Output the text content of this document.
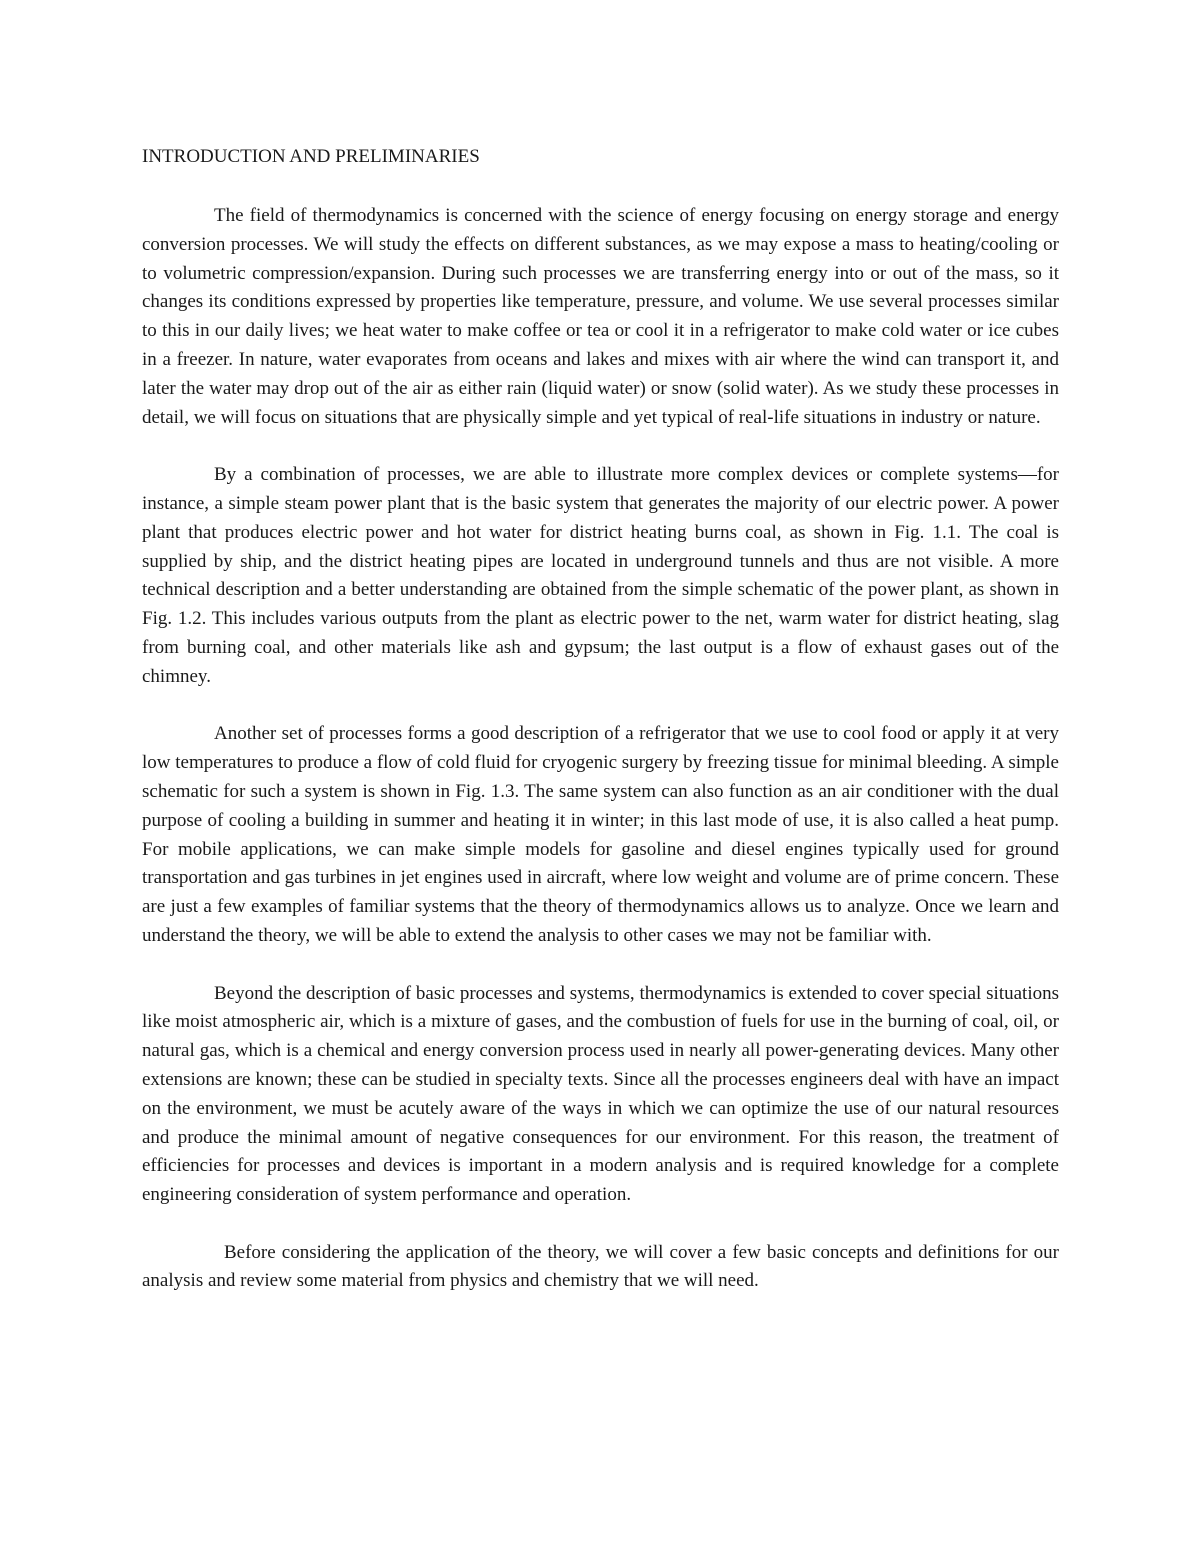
INTRODUCTION AND PRELIMINARIES

The field of thermodynamics is concerned with the science of energy focusing on energy storage and energy conversion processes. We will study the effects on different substances, as we may expose a mass to heating/cooling or to volumetric compression/expansion. During such processes we are transferring energy into or out of the mass, so it changes its conditions expressed by properties like temperature, pressure, and volume. We use several processes similar to this in our daily lives; we heat water to make coffee or tea or cool it in a refrigerator to make cold water or ice cubes in a freezer. In nature, water evaporates from oceans and lakes and mixes with air where the wind can transport it, and later the water may drop out of the air as either rain (liquid water) or snow (solid water). As we study these processes in detail, we will focus on situations that are physically simple and yet typical of real-life situations in industry or nature.

By a combination of processes, we are able to illustrate more complex devices or complete systems—for instance, a simple steam power plant that is the basic system that generates the majority of our electric power. A power plant that produces electric power and hot water for district heating burns coal, as shown in Fig. 1.1. The coal is supplied by ship, and the district heating pipes are located in underground tunnels and thus are not visible. A more technical description and a better understanding are obtained from the simple schematic of the power plant, as shown in Fig. 1.2. This includes various outputs from the plant as electric power to the net, warm water for district heating, slag from burning coal, and other materials like ash and gypsum; the last output is a flow of exhaust gases out of the chimney.

Another set of processes forms a good description of a refrigerator that we use to cool food or apply it at very low temperatures to produce a flow of cold fluid for cryogenic surgery by freezing tissue for minimal bleeding. A simple schematic for such a system is shown in Fig. 1.3. The same system can also function as an air conditioner with the dual purpose of cooling a building in summer and heating it in winter; in this last mode of use, it is also called a heat pump. For mobile applications, we can make simple models for gasoline and diesel engines typically used for ground transportation and gas turbines in jet engines used in aircraft, where low weight and volume are of prime concern. These are just a few examples of familiar systems that the theory of thermodynamics allows us to analyze. Once we learn and understand the theory, we will be able to extend the analysis to other cases we may not be familiar with.

Beyond the description of basic processes and systems, thermodynamics is extended to cover special situations like moist atmospheric air, which is a mixture of gases, and the combustion of fuels for use in the burning of coal, oil, or natural gas, which is a chemical and energy conversion process used in nearly all power-generating devices. Many other extensions are known; these can be studied in specialty texts. Since all the processes engineers deal with have an impact on the environment, we must be acutely aware of the ways in which we can optimize the use of our natural resources and produce the minimal amount of negative consequences for our environment. For this reason, the treatment of efficiencies for processes and devices is important in a modern analysis and is required knowledge for a complete engineering consideration of system performance and operation.

Before considering the application of the theory, we will cover a few basic concepts and definitions for our analysis and review some material from physics and chemistry that we will need.
